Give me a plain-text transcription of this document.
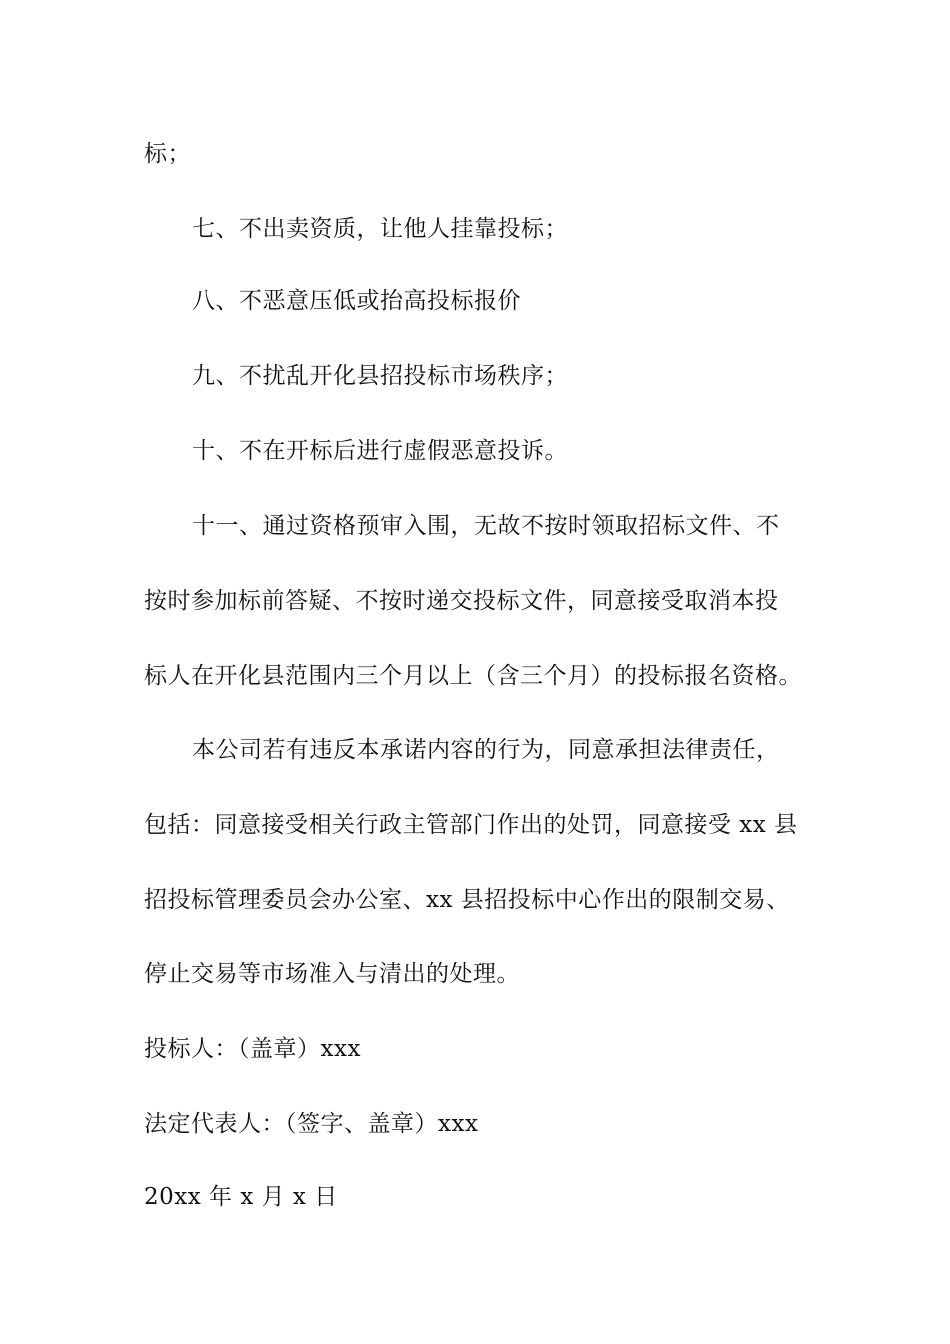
标；
七、不出卖资质，让他人挂靠投标；
八、不恶意压低或抬高投标报价
九、不扰乱开化县招投标市场秩序；
十、不在开标后进行虚假恶意投诉。
十一、通过资格预审入围，无故不按时领取招标文件、不
按时参加标前答疑、不按时递交投标文件，同意接受取消本投
标人在开化县范围内三个月以上（含三个月）的投标报名资格。
本公司若有违反本承诺内容的行为，同意承担法律责任，
包括：同意接受相关行政主管部门作出的处罚，同意接受 xx 县
招投标管理委员会办公室、xx 县招投标中心作出的限制交易、
停止交易等市场准入与清出的处理。
投标人：（盖章）xxx
法定代表人：（签字、盖章）xxx
20xx 年 x 月 x 日
